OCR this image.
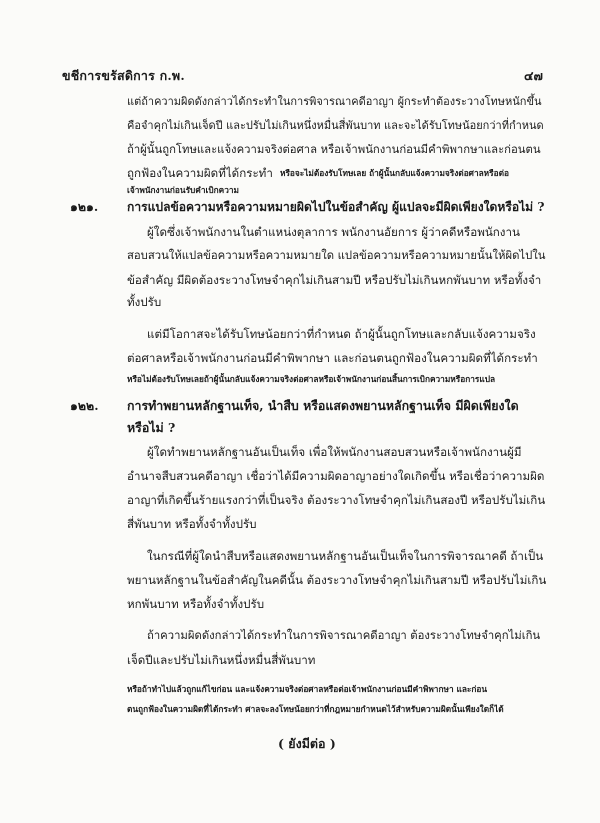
ขชีการขรัสดิการ ก.พ.	๔๗
แต่ถ้าความผิดดังกล่าวได้กระทำในการพิจารณาคดีอาญา ผู้กระทำต้องระวางโทษหนักขึ้น
คือจำคุกไม่เกินเจ็ดปี และปรับไม่เกินหนึ่งหมื่นสี่พันบาท และจะได้รับโทษน้อยกว่าที่กำหนด
ถ้าผู้นั้นถูกโทษและแจ้งความจริงต่อศาล หรือเจ้าพนักงานก่อนมีคำพิพากษาและก่อนตน
ถูกฟ้องในความผิดที่ได้กระทำ หรือจะไม่ต้องรับโทษเลย ถ้าผู้นั้นกลับแจ้งความจริงต่อศาลหรือต่อ
เจ้าพนักงานก่อนรับคำเบิกความ
๑๒๑. การแปลข้อความหรือความหมายผิดไปในข้อสำคัญ ผู้แปลจะมีผิดเพียงใดหรือไม่ ?
ผู้ใดซึ่งเจ้าพนักงานในตำแหน่งตุลาการ พนักงานอัยการ ผู้ว่าคดีหรือพนักงาน
สอบสวนให้แปลข้อความหรือความหมายใด แปลข้อความหรือความหมายนั้นให้ผิดไปใน
ข้อสำคัญ มีผิดต้องระวางโทษจำคุกไม่เกินสามปี หรือปรับไม่เกินหกพันบาท หรือทั้งจำ
ทั้งปรับ
แต่มีโอกาสจะได้รับโทษน้อยกว่าที่กำหนด ถ้าผู้นั้นถูกโทษและกลับแจ้งความจริง
ต่อศาลหรือเจ้าพนักงานก่อนมีคำพิพากษา และก่อนตนถูกฟ้องในความผิดที่ได้กระทำ
หรือไม่ต้องรับโทษเลยถ้าผู้นั้นกลับแจ้งความจริงต่อศาลหรือเจ้าพนักงานก่อนสิ้นการเบิกความหรือการแปล
๑๒๒. การทำพยานหลักฐานเท็จ, นำสืบ หรือแสดงพยานหลักฐานเท็จ มีผิดเพียงใด
หรือไม่ ?
ผู้ใดทำพยานหลักฐานอันเป็นเท็จ เพื่อให้พนักงานสอบสวนหรือเจ้าพนักงานผู้มี
อำนาจสืบสวนคดีอาญา เชื่อว่าได้มีความผิดอาญาอย่างใดเกิดขึ้น หรือเชื่อว่าความผิด
อาญาที่เกิดขึ้นร้ายแรงกว่าที่เป็นจริง ต้องระวางโทษจำคุกไม่เกินสองปี หรือปรับไม่เกิน
สี่พันบาท หรือทั้งจำทั้งปรับ
ในกรณีที่ผู้ใดนำสืบหรือแสดงพยานหลักฐานอันเป็นเท็จในการพิจารณาคดี ถ้าเป็น
พยานหลักฐานในข้อสำคัญในคดีนั้น ต้องระวางโทษจำคุกไม่เกินสามปี หรือปรับไม่เกิน
หกพันบาท หรือทั้งจำทั้งปรับ
ถ้าความผิดดังกล่าวได้กระทำในการพิจารณาคดีอาญา ต้องระวางโทษจำคุกไม่เกิน
เจ็ดปีและปรับไม่เกินหนึ่งหมื่นสี่พันบาท
หรือถ้าทำไปแล้วถูกแก้ไขก่อน และแจ้งความจริงต่อศาลหรือต่อเจ้าพนักงานก่อนมีคำพิพากษา และก่อน
ตนถูกฟ้องในความผิดที่ได้กระทำ ศาลจะลงโทษน้อยกว่าที่กฎหมายกำหนดไว้สำหรับความผิดนั้นเพียงใดก็ได้
( ยังมีต่อ )
